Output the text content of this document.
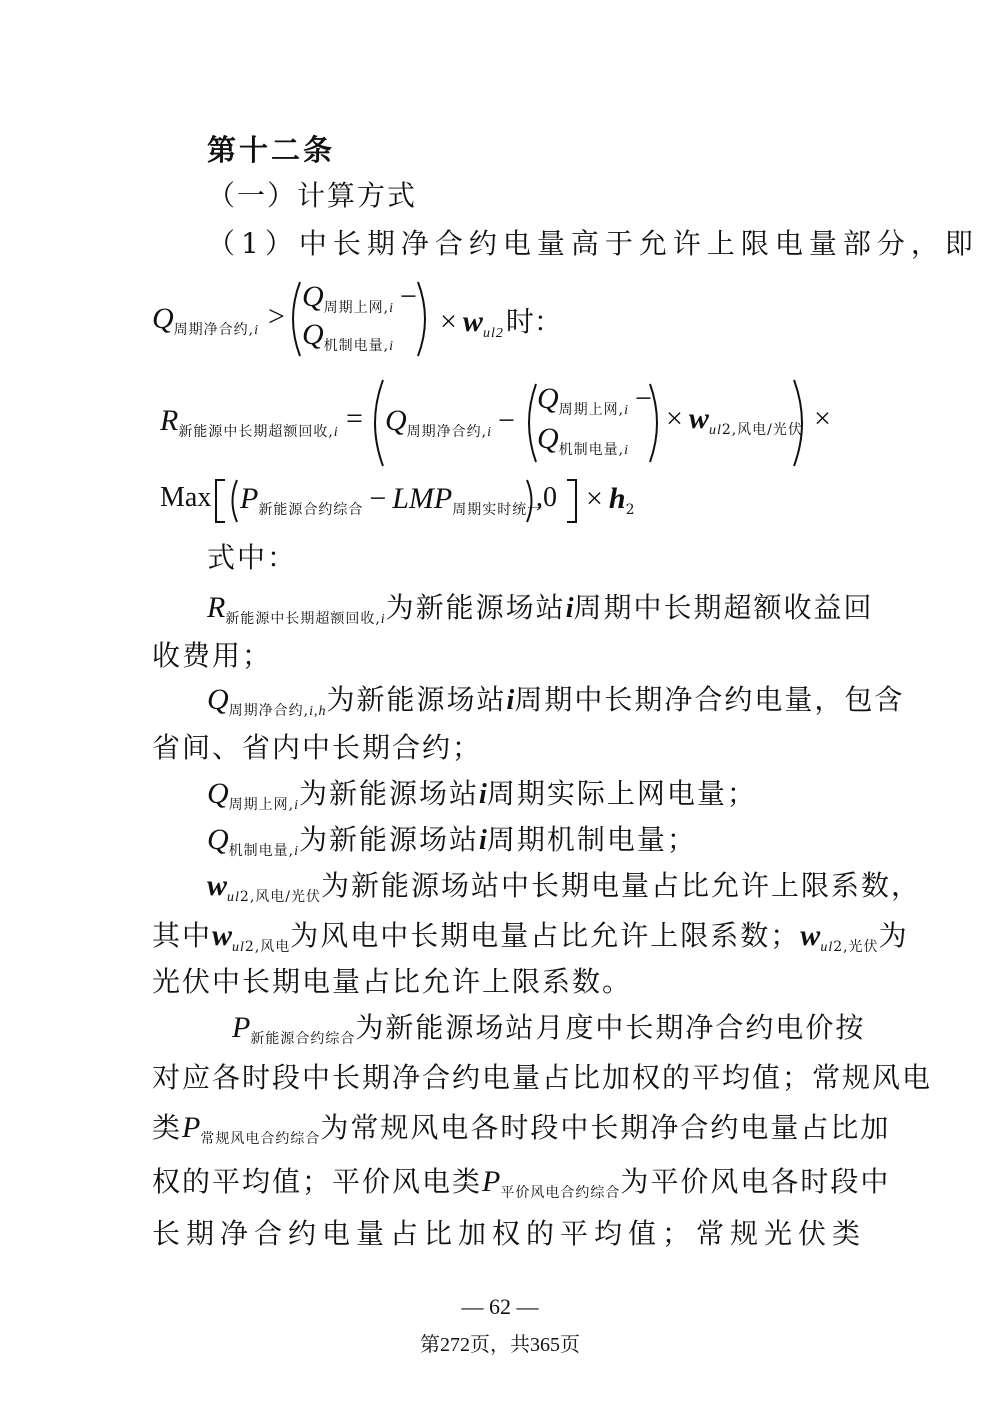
第十二条
（一）计算方式
（1）中长期净合约电量高于允许上限电量部分，即
$Q_{周期净合约,i}$ >
$Q_{周期上网,i}$ −
$Q_{机制电量,i}$
× $w_{ul2}$时：
$R_{新能源中长期超额回收,i} = Q_{周期净合约,i}$ −
$Q_{周期上网,i}$ −
$Q_{机制电量,i}$
× $w_{ul2,风电/光伏}$ ×
Max $P_{新能源合约综合} - LMP_{周期实时统一}$
$,0 \times h_2$
式中：
$R_{新能源中长期超额回收,i}$为新能源场站i周期中长期超额收益回
收费用；
$Q_{周期净合约,i,h}$为新能源场站i周期中长期净合约电量，包含
省间、省内中长期合约；
$Q_{周期上网,i}$为新能源场站i周期实际上网电量；
$Q_{机制电量,i}$为新能源场站i周期机制电量；
$w_{ul2,风电/光伏}$为新能源场站中长期电量占比允许上限系数，
其中$w_{ul2,风电}$为风电中长期电量占比允许上限系数；$w_{ul2,光伏}$为
光伏中长期电量占比允许上限系数。
$P_{新能源合约综合}$为新能源场站月度中长期净合约电价按
对应各时段中长期净合约电量占比加权的平均值；常规风电
类$P_{常规风电合约综合}$为常规风电各时段中长期净合约电量占比加
权的平均值；平价风电类$P_{平价风电合约综合}$为平价风电各时段中
长期净合约电量占比加权的平均值；常规光伏类
— 62 —
第272页，共365页
